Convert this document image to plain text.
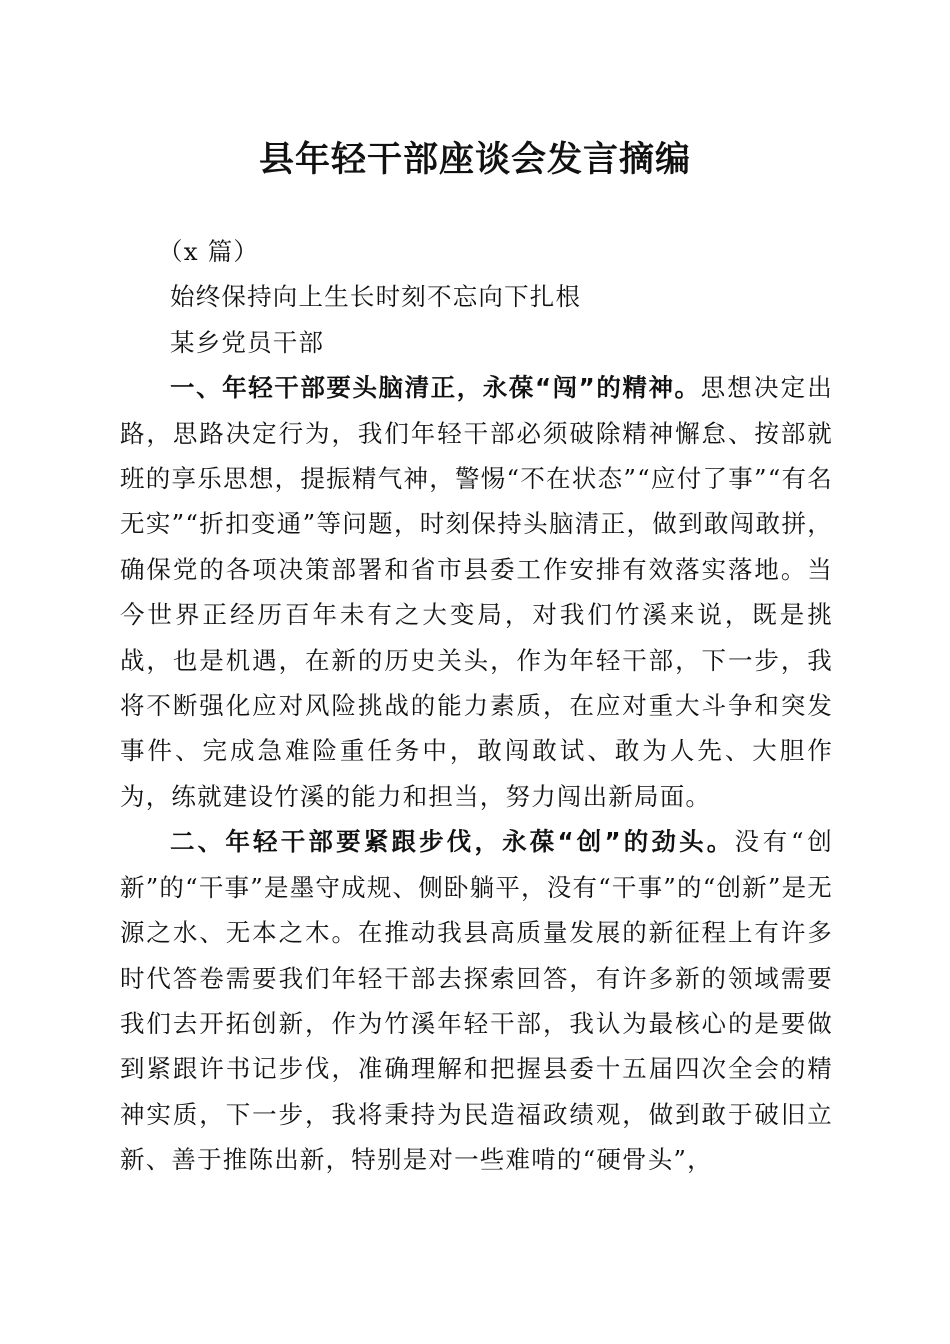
县年轻干部座谈会发言摘编

（x 篇）

始终保持向上生长时刻不忘向下扎根

某乡党员干部

一、年轻干部要头脑清正，永葆“闯”的精神。思想决定出路，思路决定行为，我们年轻干部必须破除精神懈怠、按部就班的享乐思想，提振精气神，警惕“不在状态”“应付了事”“有名无实”“折扣变通”等问题，时刻保持头脑清正，做到敢闯敢拼，确保党的各项决策部署和省市县委工作安排有效落实落地。当今世界正经历百年未有之大变局，对我们竹溪来说，既是挑战，也是机遇，在新的历史关头，作为年轻干部，下一步，我将不断强化应对风险挑战的能力素质，在应对重大斗争和突发事件、完成急难险重任务中，敢闯敢试、敢为人先、大胆作为，练就建设竹溪的能力和担当，努力闯出新局面。

二、年轻干部要紧跟步伐，永葆“创”的劲头。没有“创新”的“干事”是墨守成规、侧卧躺平，没有“干事”的“创新”是无源之水、无本之木。在推动我县高质量发展的新征程上有许多时代答卷需要我们年轻干部去探索回答，有许多新的领域需要我们去开拓创新，作为竹溪年轻干部，我认为最核心的是要做到紧跟许书记步伐，准确理解和把握县委十五届四次全会的精神实质，下一步，我将秉持为民造福政绩观，做到敢于破旧立新、善于推陈出新，特别是对一些难啃的“硬骨头”，
